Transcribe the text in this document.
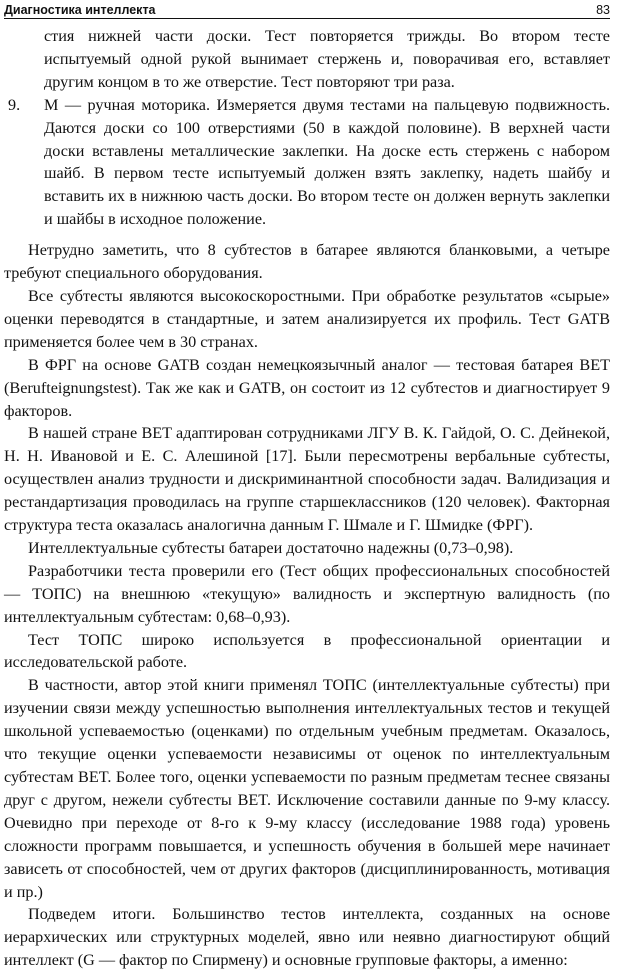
Диагностика интеллекта	83

стия нижней части доски. Тест повторяется трижды. Во втором тесте испытуемый одной рукой вынимает стержень и, поворачивая его, вставляет другим концом в то же отверстие. Тест повторяют три раза.

9.	M — ручная моторика. Измеряется двумя тестами на пальцевую подвижность. Даются доски со 100 отверстиями (50 в каждой половине). В верхней части доски вставлены металлические заклепки. На доске есть стержень с набором шайб. В первом тесте испытуемый должен взять заклепку, надеть шайбу и вставить их в нижнюю часть доски. Во втором тесте он должен вернуть заклепки и шайбы в исходное положение.

Нетрудно заметить, что 8 субтестов в батарее являются бланковыми, а четыре требуют специального оборудования.

Все субтесты являются высокоскоростными. При обработке результатов «сырые» оценки переводятся в стандартные, и затем анализируется их профиль. Тест GATB применяется более чем в 30 странах.

В ФРГ на основе GATB создан немецкоязычный аналог — тестовая батарея BET (Berufteignungstest). Так же как и GATB, он состоит из 12 субтестов и диагностирует 9 факторов.

В нашей стране BET адаптирован сотрудниками ЛГУ В. К. Гайдой, О. С. Дейнекой, Н. Н. Ивановой и Е. С. Алешиной [17]. Были пересмотрены вербальные субтесты, осуществлен анализ трудности и дискриминантной способности задач. Валидизация и рестандартизация проводилась на группе старшеклассников (120 человек). Факторная структура теста оказалась аналогична данным Г. Шмале и Г. Шмидке (ФРГ).

Интеллектуальные субтесты батареи достаточно надежны (0,73–0,98).

Разработчики теста проверили его (Тест общих профессиональных способностей — ТОПС) на внешнюю «текущую» валидность и экспертную валидность (по интеллектуальным субтестам: 0,68–0,93).

Тест ТОПС широко используется в профессиональной ориентации и исследовательской работе.

В частности, автор этой книги применял ТОПС (интеллектуальные субтесты) при изучении связи между успешностью выполнения интеллектуальных тестов и текущей школьной успеваемостью (оценками) по отдельным учебным предметам. Оказалось, что текущие оценки успеваемости независимы от оценок по интеллектуальным субтестам BET. Более того, оценки успеваемости по разным предметам теснее связаны друг с другом, нежели субтесты BET. Исключение составили данные по 9-му классу. Очевидно при переходе от 8-го к 9-му классу (исследование 1988 года) уровень сложности программ повышается, и успешность обучения в большей мере начинает зависеть от способностей, чем от других факторов (дисциплинированность, мотивация и пр.)

Подведем итоги. Большинство тестов интеллекта, созданных на основе иерархических или структурных моделей, явно или неявно диагностируют общий интеллект (G — фактор по Спирмену) и основные групповые факторы, а именно:
